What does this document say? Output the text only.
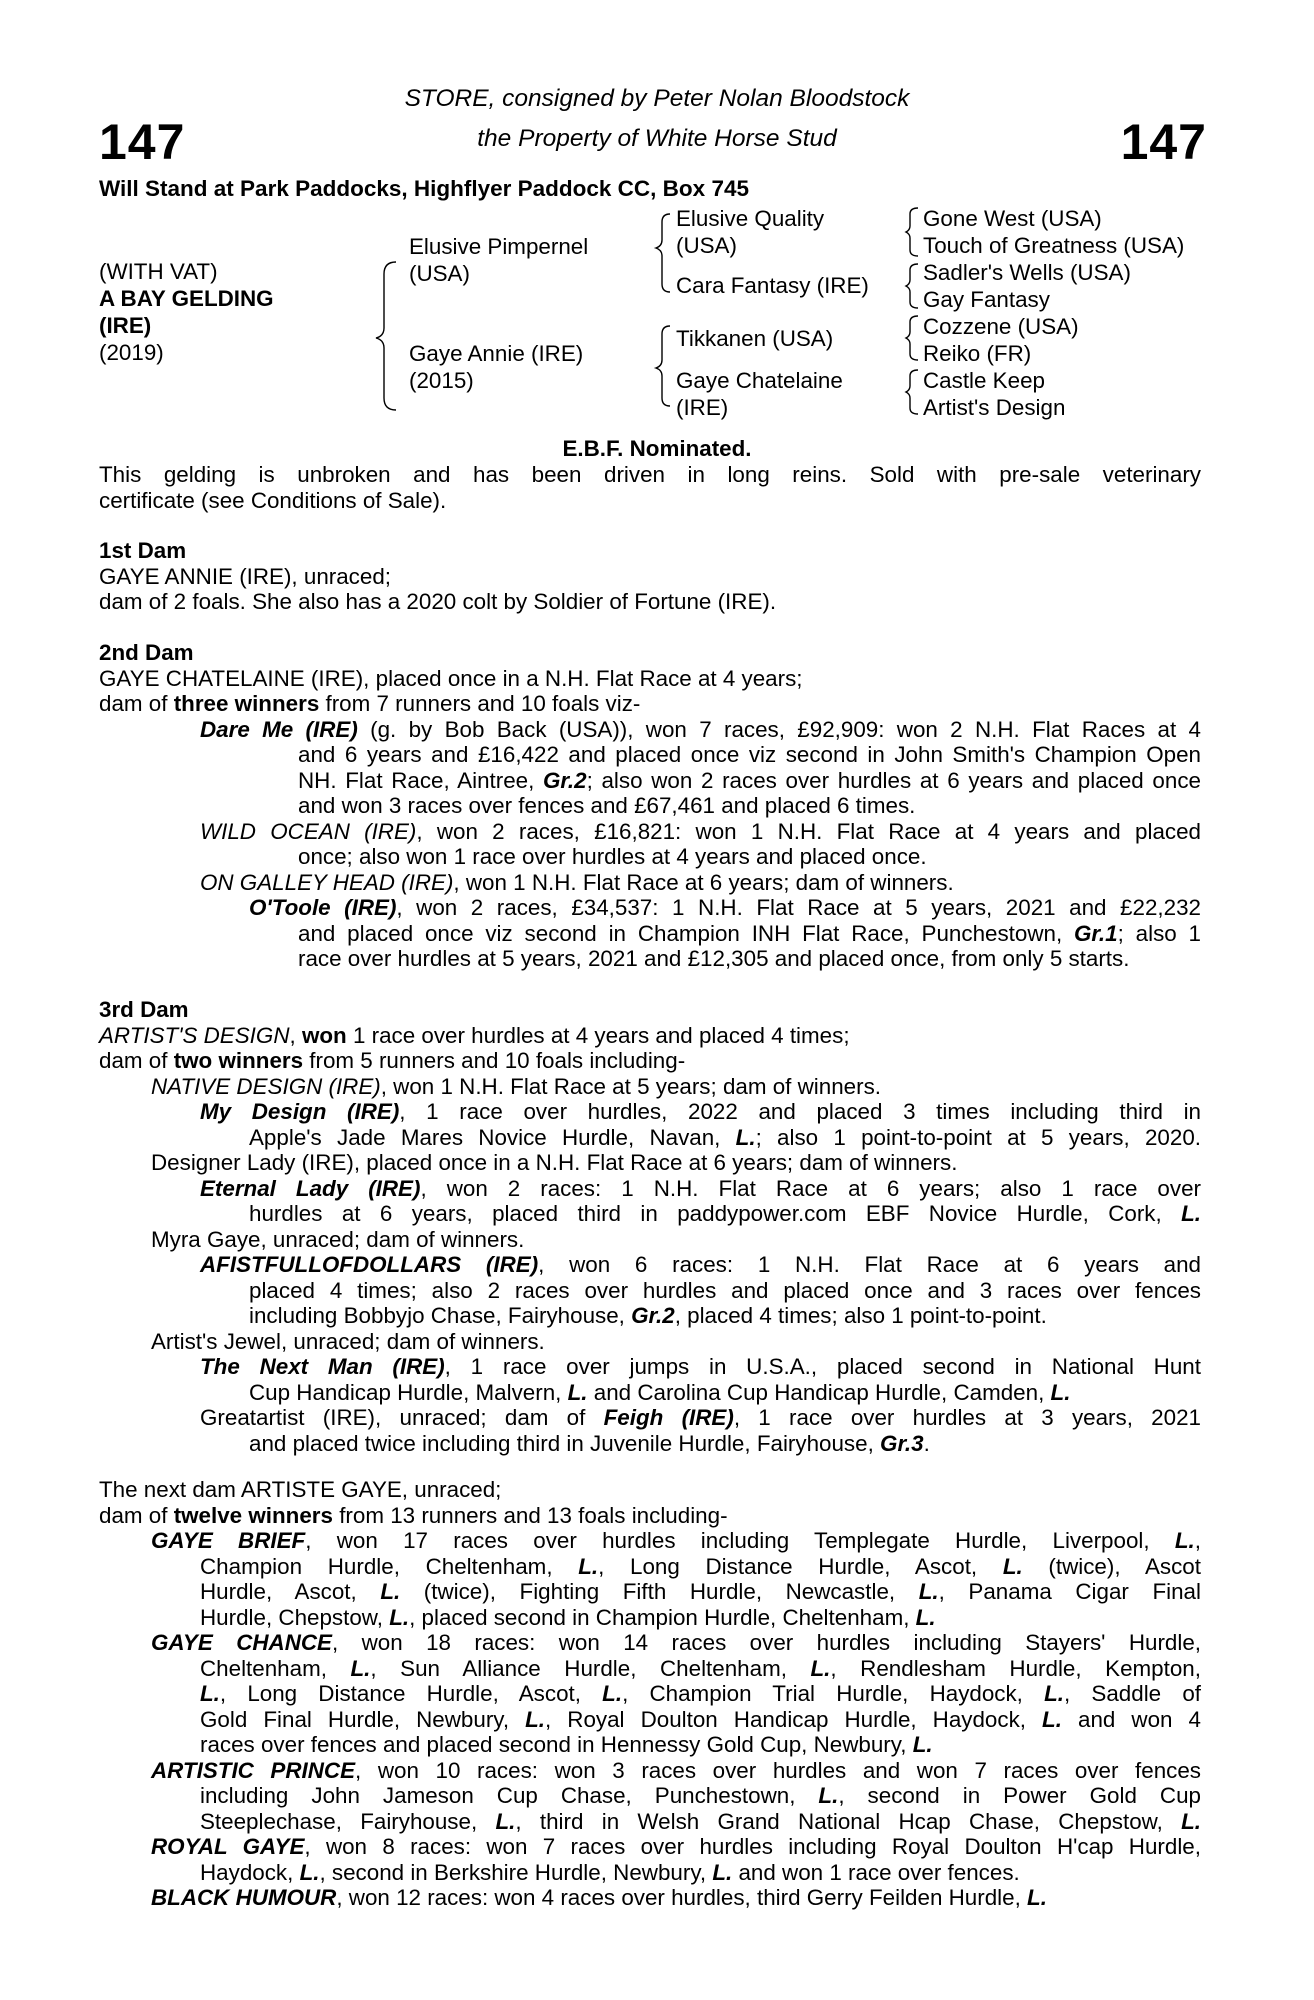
147	147
STORE, consigned by Peter Nolan Bloodstock
the Property of White Horse Stud
Will Stand at Park Paddocks, Highflyer Paddock CC, Box 745
(WITH VAT)
A BAY GELDING
(IRE)
(2019)
Elusive Pimpernel
(USA)
Gaye Annie (IRE)
(2015)
Elusive Quality
(USA)
Cara Fantasy (IRE)
Tikkanen (USA)
Gaye Chatelaine
(IRE)
Gone West (USA)
Touch of Greatness (USA)
Sadler's Wells (USA)
Gay Fantasy
Cozzene (USA)
Reiko (FR)
Castle Keep
Artist's Design
E.B.F. Nominated.
This gelding is unbroken and has been driven in long reins. Sold with pre-sale veterinary
certificate (see Conditions of Sale).
1st Dam
GAYE ANNIE (IRE), unraced;
dam of 2 foals. She also has a 2020 colt by Soldier of Fortune (IRE).
2nd Dam
GAYE CHATELAINE (IRE), placed once in a N.H. Flat Race at 4 years;
dam of three winners from 7 runners and 10 foals viz-
Dare Me (IRE) (g. by Bob Back (USA)), won 7 races, £92,909: won 2 N.H. Flat Races at 4
and 6 years and £16,422 and placed once viz second in John Smith's Champion Open
NH. Flat Race, Aintree, Gr.2; also won 2 races over hurdles at 6 years and placed once
and won 3 races over fences and £67,461 and placed 6 times.
WILD OCEAN (IRE), won 2 races, £16,821: won 1 N.H. Flat Race at 4 years and placed
once; also won 1 race over hurdles at 4 years and placed once.
ON GALLEY HEAD (IRE), won 1 N.H. Flat Race at 6 years; dam of winners.
O'Toole (IRE), won 2 races, £34,537: 1 N.H. Flat Race at 5 years, 2021 and £22,232
and placed once viz second in Champion INH Flat Race, Punchestown, Gr.1; also 1
race over hurdles at 5 years, 2021 and £12,305 and placed once, from only 5 starts.
3rd Dam
ARTIST'S DESIGN, won 1 race over hurdles at 4 years and placed 4 times;
dam of two winners from 5 runners and 10 foals including-
NATIVE DESIGN (IRE), won 1 N.H. Flat Race at 5 years; dam of winners.
My Design (IRE), 1 race over hurdles, 2022 and placed 3 times including third in
Apple's Jade Mares Novice Hurdle, Navan, L.; also 1 point-to-point at 5 years, 2020.
Designer Lady (IRE), placed once in a N.H. Flat Race at 6 years; dam of winners.
Eternal Lady (IRE), won 2 races: 1 N.H. Flat Race at 6 years; also 1 race over
hurdles at 6 years, placed third in paddypower.com EBF Novice Hurdle, Cork, L.
Myra Gaye, unraced; dam of winners.
AFISTFULLOFDOLLARS (IRE), won 6 races: 1 N.H. Flat Race at 6 years and
placed 4 times; also 2 races over hurdles and placed once and 3 races over fences
including Bobbyjo Chase, Fairyhouse, Gr.2, placed 4 times; also 1 point-to-point.
Artist's Jewel, unraced; dam of winners.
The Next Man (IRE), 1 race over jumps in U.S.A., placed second in National Hunt
Cup Handicap Hurdle, Malvern, L. and Carolina Cup Handicap Hurdle, Camden, L.
Greatartist (IRE), unraced; dam of Feigh (IRE), 1 race over hurdles at 3 years, 2021
and placed twice including third in Juvenile Hurdle, Fairyhouse, Gr.3.
The next dam ARTISTE GAYE, unraced;
dam of twelve winners from 13 runners and 13 foals including-
GAYE BRIEF, won 17 races over hurdles including Templegate Hurdle, Liverpool, L.,
Champion Hurdle, Cheltenham, L., Long Distance Hurdle, Ascot, L. (twice), Ascot
Hurdle, Ascot, L. (twice), Fighting Fifth Hurdle, Newcastle, L., Panama Cigar Final
Hurdle, Chepstow, L., placed second in Champion Hurdle, Cheltenham, L.
GAYE CHANCE, won 18 races: won 14 races over hurdles including Stayers' Hurdle,
Cheltenham, L., Sun Alliance Hurdle, Cheltenham, L., Rendlesham Hurdle, Kempton,
L., Long Distance Hurdle, Ascot, L., Champion Trial Hurdle, Haydock, L., Saddle of
Gold Final Hurdle, Newbury, L., Royal Doulton Handicap Hurdle, Haydock, L. and won 4
races over fences and placed second in Hennessy Gold Cup, Newbury, L.
ARTISTIC PRINCE, won 10 races: won 3 races over hurdles and won 7 races over fences
including John Jameson Cup Chase, Punchestown, L., second in Power Gold Cup
Steeplechase, Fairyhouse, L., third in Welsh Grand National Hcap Chase, Chepstow, L.
ROYAL GAYE, won 8 races: won 7 races over hurdles including Royal Doulton H'cap Hurdle,
Haydock, L., second in Berkshire Hurdle, Newbury, L. and won 1 race over fences.
BLACK HUMOUR, won 12 races: won 4 races over hurdles, third Gerry Feilden Hurdle, L.
